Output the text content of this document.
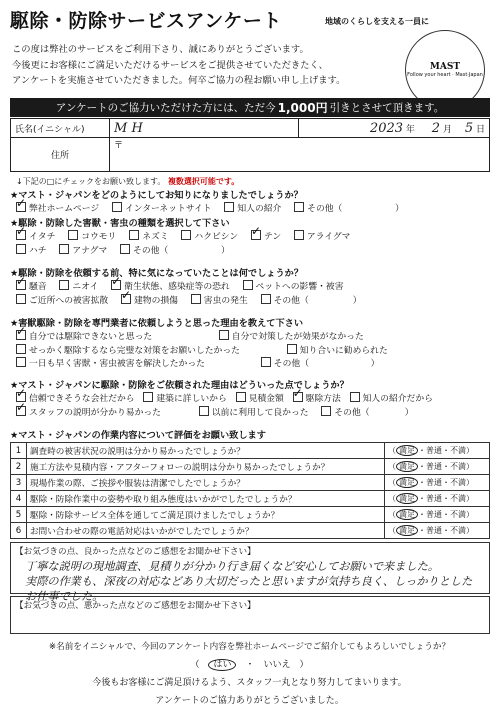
駆除・防除サービスアンケート	地域のくらしを支える一員に
MAST
Follow your heart · Mast·Japan
この度は弊社のサービスをご利用下さり、誠にありがとうございます。
今後更にお客様にご満足いただけるサービスをご提供させていただきたく、
アンケートを実施させていただきました。何卒ご協力の程お願い申し上げます。
アンケートのご協力いただけた方には、ただ今 1,000円 引きとさせて頂きます。
氏名(イニシャル)	M H	2023 年 2 月 5 日
住所	〒	
↓下記の□にチェックをお願い致します。 複数選択可能です。
★マスト・ジャパンをどのようにしてお知りになりましたでしょうか？
✓弊社ホームページ	インターネットサイト	知人の紹介	その他（　　　　　　）
★駆除・防除した害獣・害虫の種類を選択して下さい
✓イタチ	コウモリ	ネズミ	ハクビシン ✓	テン	アライグマ
ハチ	アナグマ	その他（　　　　　　）
★駆除・防除を依頼する前、特に気になっていたことは何でしょうか？
✓騒音	ニオイ ✓	衛生状態、感染症等の恐れ	ペットへの影響・被害
ご近所への被害拡散 ✓	建物の損傷	害虫の発生	その他（　　　　　）
★害獣駆除・防除を専門業者に依頼しようと思った理由を教えて下さい
✓自分では駆除できないと思った	自分で対策したが効果がなかった
せっかく駆除するなら完璧な対策をお願いしたかった	知り合いに勧められた
一日も早く害獣・害虫被害を解決したかった	その他（　　　　　　　）
★マスト・ジャパンに駆除・防除をご依頼された理由はどういった点でしょうか？
✓信頼できそうな会社だから 建築に詳しいから 見積金額 ✓ 駆除方法 知人の紹介だから
✓スタッフの説明が分かり易かった	以前に利用して良かった	その他（　　　　）
★マスト・ジャパンの作業内容について評価をお願い致します
1	調査時の被害状況の説明は分かり易かったでしょうか？	（ 満足 ・普通・不満）
2	施工方法や見積内容・アフターフォローの説明は分かり易かったでしょうか？	（ 満足 ・普通・不満）
3	現場作業の際、ご挨拶や服装は清潔でしたでしょうか？	（ 満足 ・普通・不満）
4	駆除・防除作業中の姿勢や取り組み態度はいかがでしたでしょうか？	（ 満足 ・普通・不満）
5	駆除・防除サービス全体を通してご満足頂けましたでしょうか？	（ 満足 ・普通・不満）
6	お問い合わせの際の電話対応はいかがでしたでしょうか？	（ 満足 ・普通・不満）
【お気づきの点、良かった点などのご感想をお聞かせ下さい】
丁寧な説明の現地調査、見積りが分かり行き届くなど安心してお願いで来ました。
実際の作業も、深夜の対応などあり大切だったと思いますが気持ち良く、しっかりとしたお仕事でした。
【お気づきの点、悪かった点などのご感想をお聞かせ下さい】
※名前をイニシャルで、今回のアンケート内容を弊社ホームページでご紹介してもよろしいでしょうか？
（　はい　・　いいえ　）
今後もお客様にご満足頂けるよう、スタッフ一丸となり努力してまいります。
アンケートのご協力ありがとうございました。
